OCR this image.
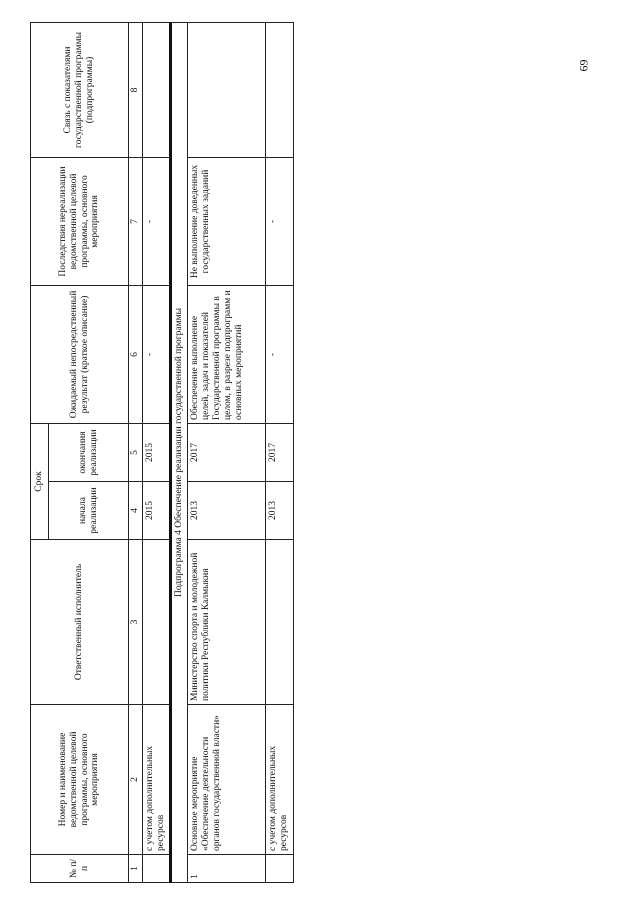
69
№ п/п	Номер и наименование ведомственной целевой программы, основного мероприятия	Ответственный исполнитель	Срок		Ожидаемый непосредственный результат (краткое описание)	Последствия нереализации ведомственной целевой программы, основного мероприятия	Связь с показателями государственной программы (подпрограммы)
			начала реализации	окончания реализации			
1	2	3	4	5	6	7	8
	с учетом дополнительных ресурсов		2015	2015	-	-	
Подпрограмма 4 Обеспечение реализации государственной программы							
1	Основное мероприятие «Обеспечение деятельности органов государственной власти»	Министерство спорта и молодежной политики Республики Калмыкия	2013	2017	Обеспечение выполнение целей, задач и показателей Государственной программы в целом, в разрезе подпрограмм и основных мероприятий	Не выполнение доведенных государственных заданий	
	с учетом дополнительных ресурсов		2013	2017	-	-	
